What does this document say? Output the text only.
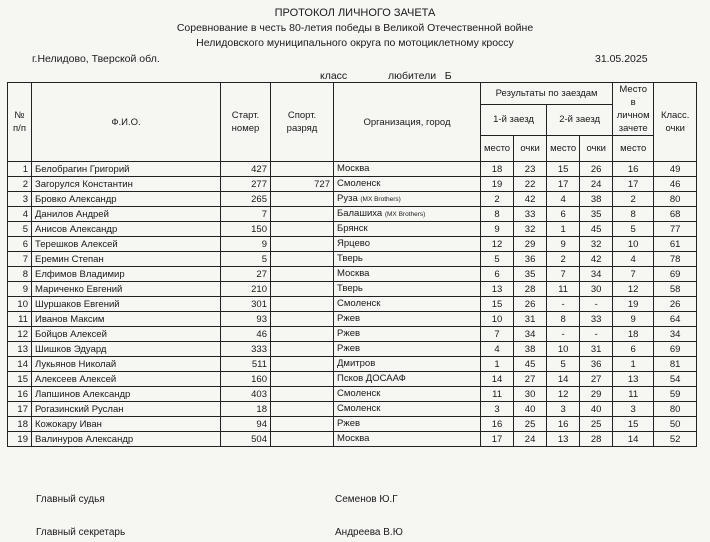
ПРОТОКОЛ ЛИЧНОГО ЗАЧЕТА
Соревнование в честь 80-летия победы в Великой Отечественной войне
Нелидовского муниципального округа по мотоциклетному кроссу
г.Нелидово, Тверской обл.	31.05.2025
класс	любители   Б
№
п/п	Ф.И.О.	Старт.
номер	Спорт.
разряд	Организация, город	Результаты по заездам				Место в личном зачете	Класс.
очки
					1-й заезд		2-й заезд			
					место	очки	место	очки	место	
1	Белобрагин Григорий	427		Москва	18	23	15	26	16	49
2	Загорулся Константин	277	727	Смоленск	19	22	17	24	17	46
3	Бровко Александр	265		Руза (MX Brothers)	2	42	4	38	2	80
4	Данилов Андрей	7		Балашиха (MX Brothers)	8	33	6	35	8	68
5	Анисов Александр	150		Брянск	9	32	1	45	5	77
6	Терешков Алексей	9		Ярцево	12	29	9	32	10	61
7	Еремин Степан	5		Тверь	5	36	2	42	4	78
8	Елфимов Владимир	27		Москва	6	35	7	34	7	69
9	Мариченко Евгений	210		Тверь	13	28	11	30	12	58
10	Шуршаков Евгений	301		Смоленск	15	26	-	-	19	26
11	Иванов Максим	93		Ржев	10	31	8	33	9	64
12	Бойцов Алексей	46		Ржев	7	34	-	-	18	34
13	Шишков Эдуард	333		Ржев	4	38	10	31	6	69
14	Лукьянов Николай	511		Дмитров	1	45	5	36	1	81
15	Алексеев Алексей	160		Псков ДОСААФ	14	27	14	27	13	54
16	Лапшинов Александр	403		Смоленск	11	30	12	29	11	59
17	Рогазинский Руслан	18		Смоленск	3	40	3	40	3	80
18	Кожокару Иван	94		Ржев	16	25	16	25	15	50
19	Валинуров Александр	504		Москва	17	24	13	28	14	52
Главный судья	Семенов Ю.Г
Главный секретарь	Андреева В.Ю
